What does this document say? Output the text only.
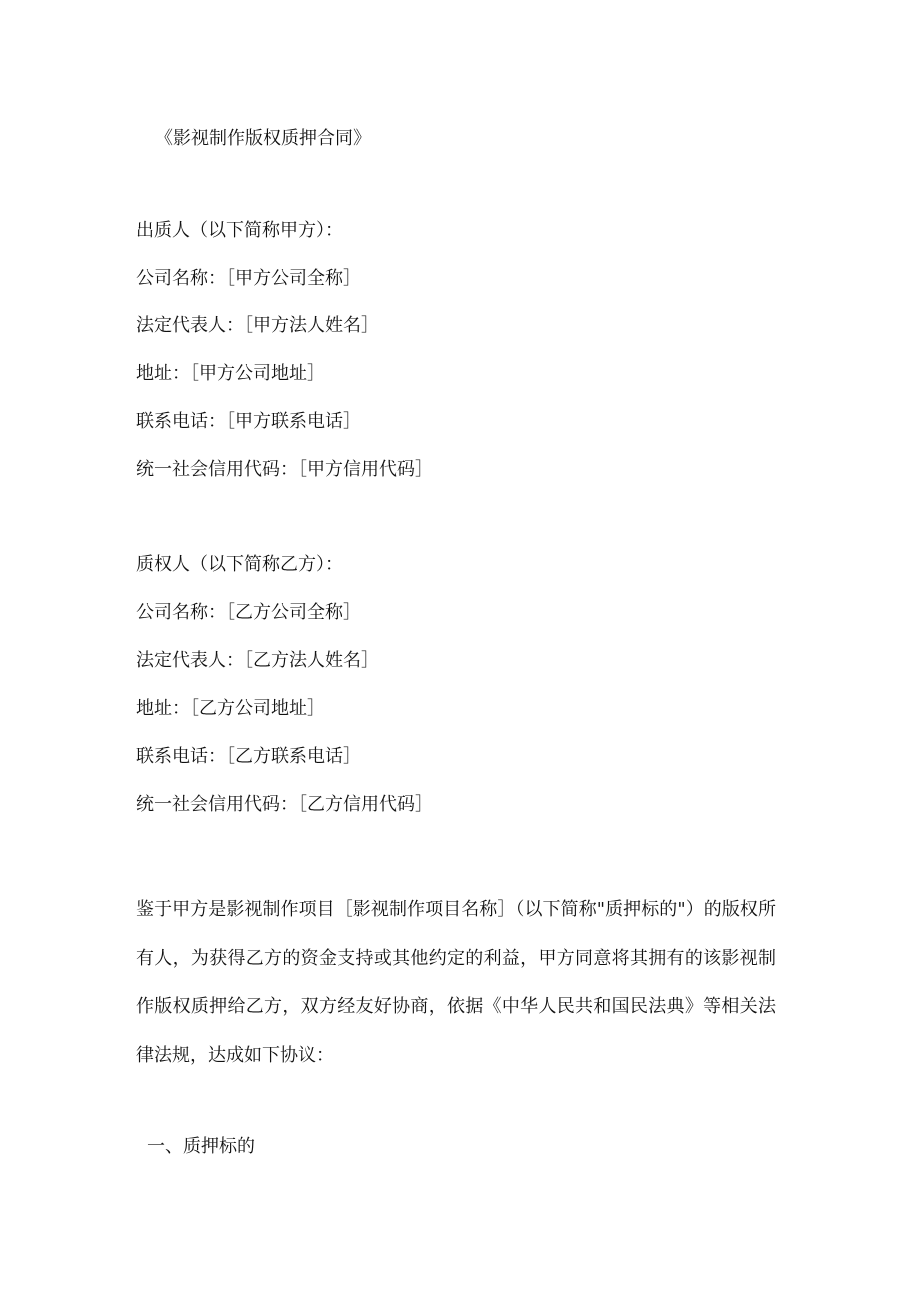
《影视制作版权质押合同》
出质人（以下简称甲方）：
公司名称：［甲方公司全称］
法定代表人：［甲方法人姓名］
地址：［甲方公司地址］
联系电话：［甲方联系电话］
统一社会信用代码：［甲方信用代码］
质权人（以下简称乙方）：
公司名称：［乙方公司全称］
法定代表人：［乙方法人姓名］
地址：［乙方公司地址］
联系电话：［乙方联系电话］
统一社会信用代码：［乙方信用代码］
鉴于甲方是影视制作项目［影视制作项目名称］（以下简称"质押标的"）的版权所有人，为获得乙方的资金支持或其他约定的利益，甲方同意将其拥有的该影视制作版权质押给乙方，双方经友好协商，依据《中华人民共和国民法典》等相关法律法规，达成如下协议：
一、质押标的
